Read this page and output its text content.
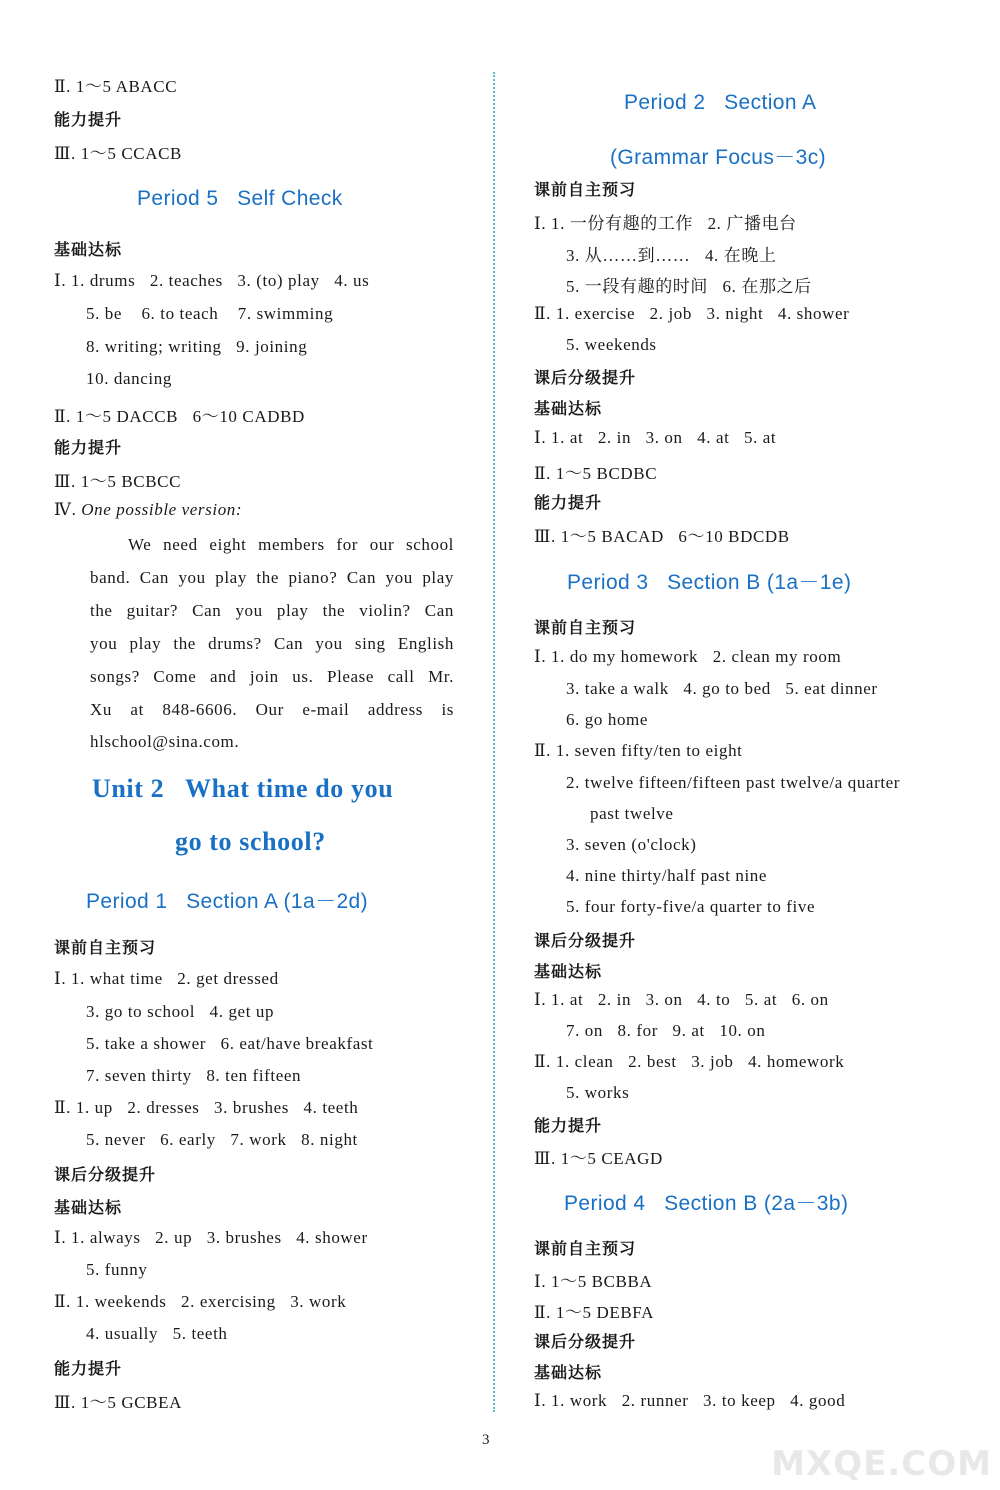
Ⅱ. 1～5 ABACC
能力提升
Ⅲ. 1～5 CCACB
Period 5   Self Check
基础达标
Ⅰ. 1. drums   2. teaches   3. (to) play   4. us
5. be    6. to teach    7. swimming
8. writing; writing   9. joining
10. dancing
Ⅱ. 1～5 DACCB   6～10 CADBD
能力提升
Ⅲ. 1～5 BCBCC
Ⅳ. One possible version:
We need eight members for our school
band. Can you play the piano? Can you play
the guitar? Can you play the violin? Can
you play the drums? Can you sing English
songs? Come and join us. Please call Mr.
Xu at 848-6606. Our e-mail address is
hlschool@sina.com.
Unit 2   What time do you
go to school?
Period 1   Section A (1a－2d)
课前自主预习
Ⅰ. 1. what time   2. get dressed
3. go to school   4. get up
5. take a shower   6. eat/have breakfast
7. seven thirty   8. ten fifteen
Ⅱ. 1. up   2. dresses   3. brushes   4. teeth
5. never   6. early   7. work   8. night
课后分级提升
基础达标
Ⅰ. 1. always   2. up   3. brushes   4. shower
5. funny
Ⅱ. 1. weekends   2. exercising   3. work
4. usually   5. teeth
能力提升
Ⅲ. 1～5 GCBEA
Period 2   Section A
(Grammar Focus－3c)
课前自主预习
Ⅰ. 1. 一份有趣的工作   2. 广播电台
3. 从……到……   4. 在晚上
5. 一段有趣的时间   6. 在那之后
Ⅱ. 1. exercise   2. job   3. night   4. shower
5. weekends
课后分级提升
基础达标
Ⅰ. 1. at   2. in   3. on   4. at   5. at
Ⅱ. 1～5 BCDBC
能力提升
Ⅲ. 1～5 BACAD   6～10 BDCDB
Period 3   Section B (1a－1e)
课前自主预习
Ⅰ. 1. do my homework   2. clean my room
3. take a walk   4. go to bed   5. eat dinner
6. go home
Ⅱ. 1. seven fifty/ten to eight
2. twelve fifteen/fifteen past twelve/a quarter
past twelve
3. seven (o'clock)
4. nine thirty/half past nine
5. four forty-five/a quarter to five
课后分级提升
基础达标
Ⅰ. 1. at   2. in   3. on   4. to   5. at   6. on
7. on   8. for   9. at   10. on
Ⅱ. 1. clean   2. best   3. job   4. homework
5. works
能力提升
Ⅲ. 1～5 CEAGD
Period 4   Section B (2a－3b)
课前自主预习
Ⅰ. 1～5 BCBBA
Ⅱ. 1～5 DEBFA
课后分级提升
基础达标
Ⅰ. 1. work   2. runner   3. to keep   4. good
3
MXQE.COM
